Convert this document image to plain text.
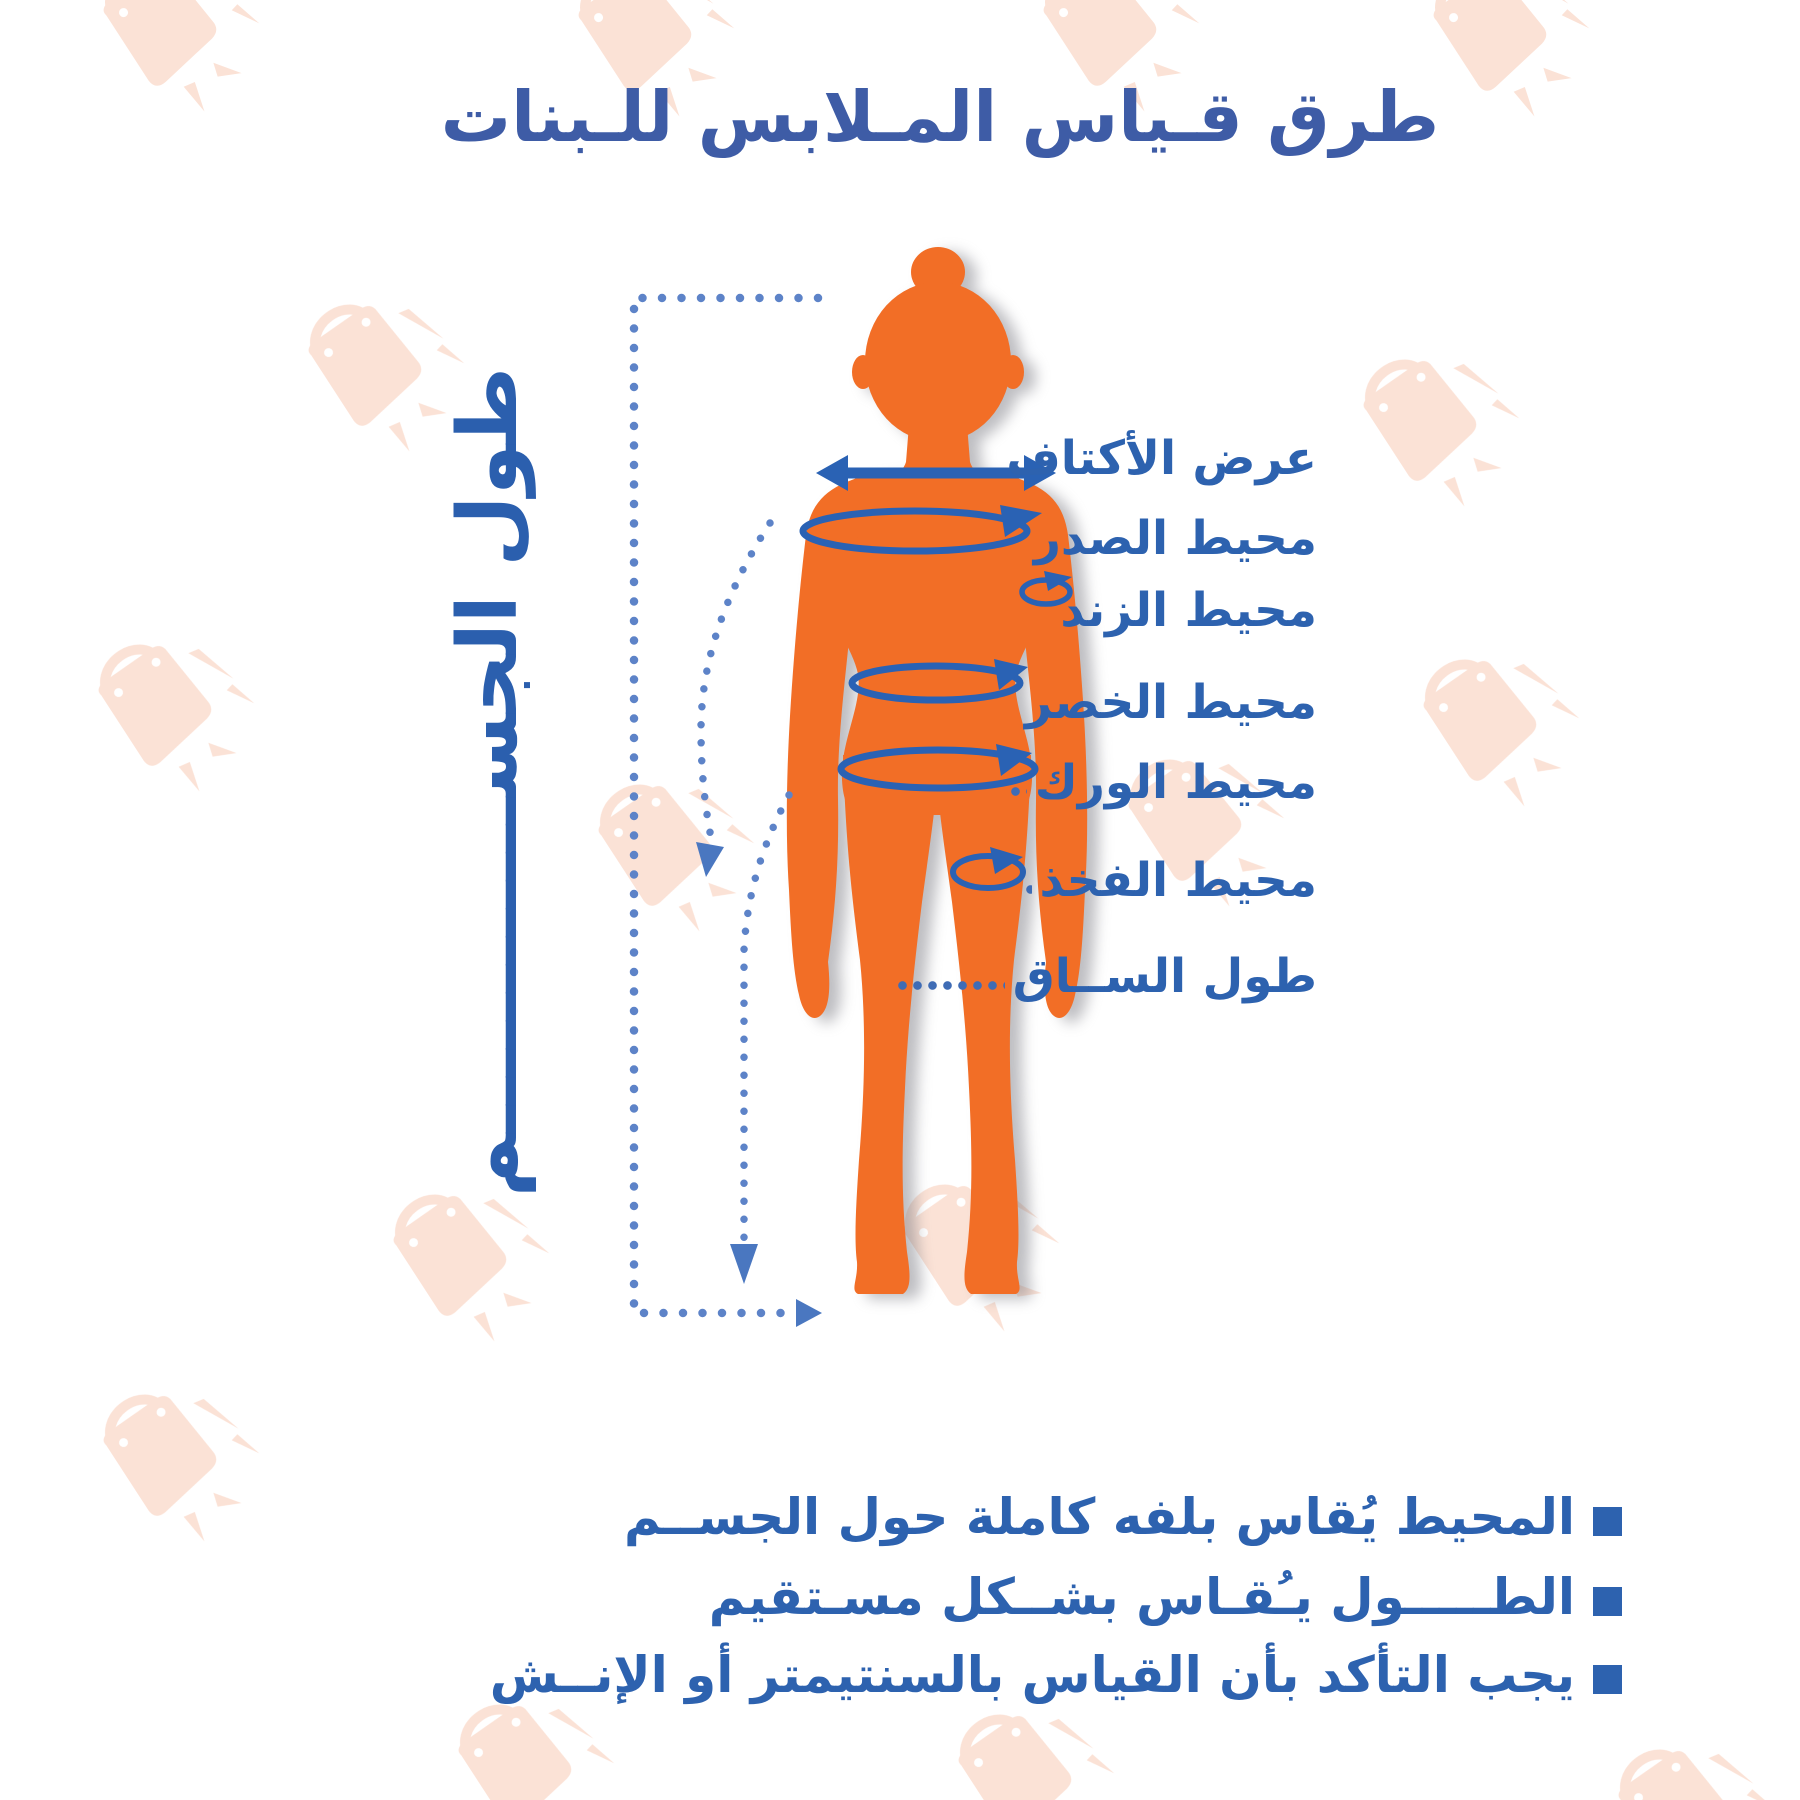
طرق قـياس المـلابس للـبنات
طول الجســــــــــــم	عرض الأكتاف
محيط الصدر
محيط الزند
محيط الخصر
محيط الورك
محيط الفخذ
طول الســاق
المحيط يُقاس بلفه كاملة حول الجســم
الطـــــول يـُقـاس بشــكل مسـتقيم
يجب التأكد بأن القياس بالسنتيمتر أو الإنــش
